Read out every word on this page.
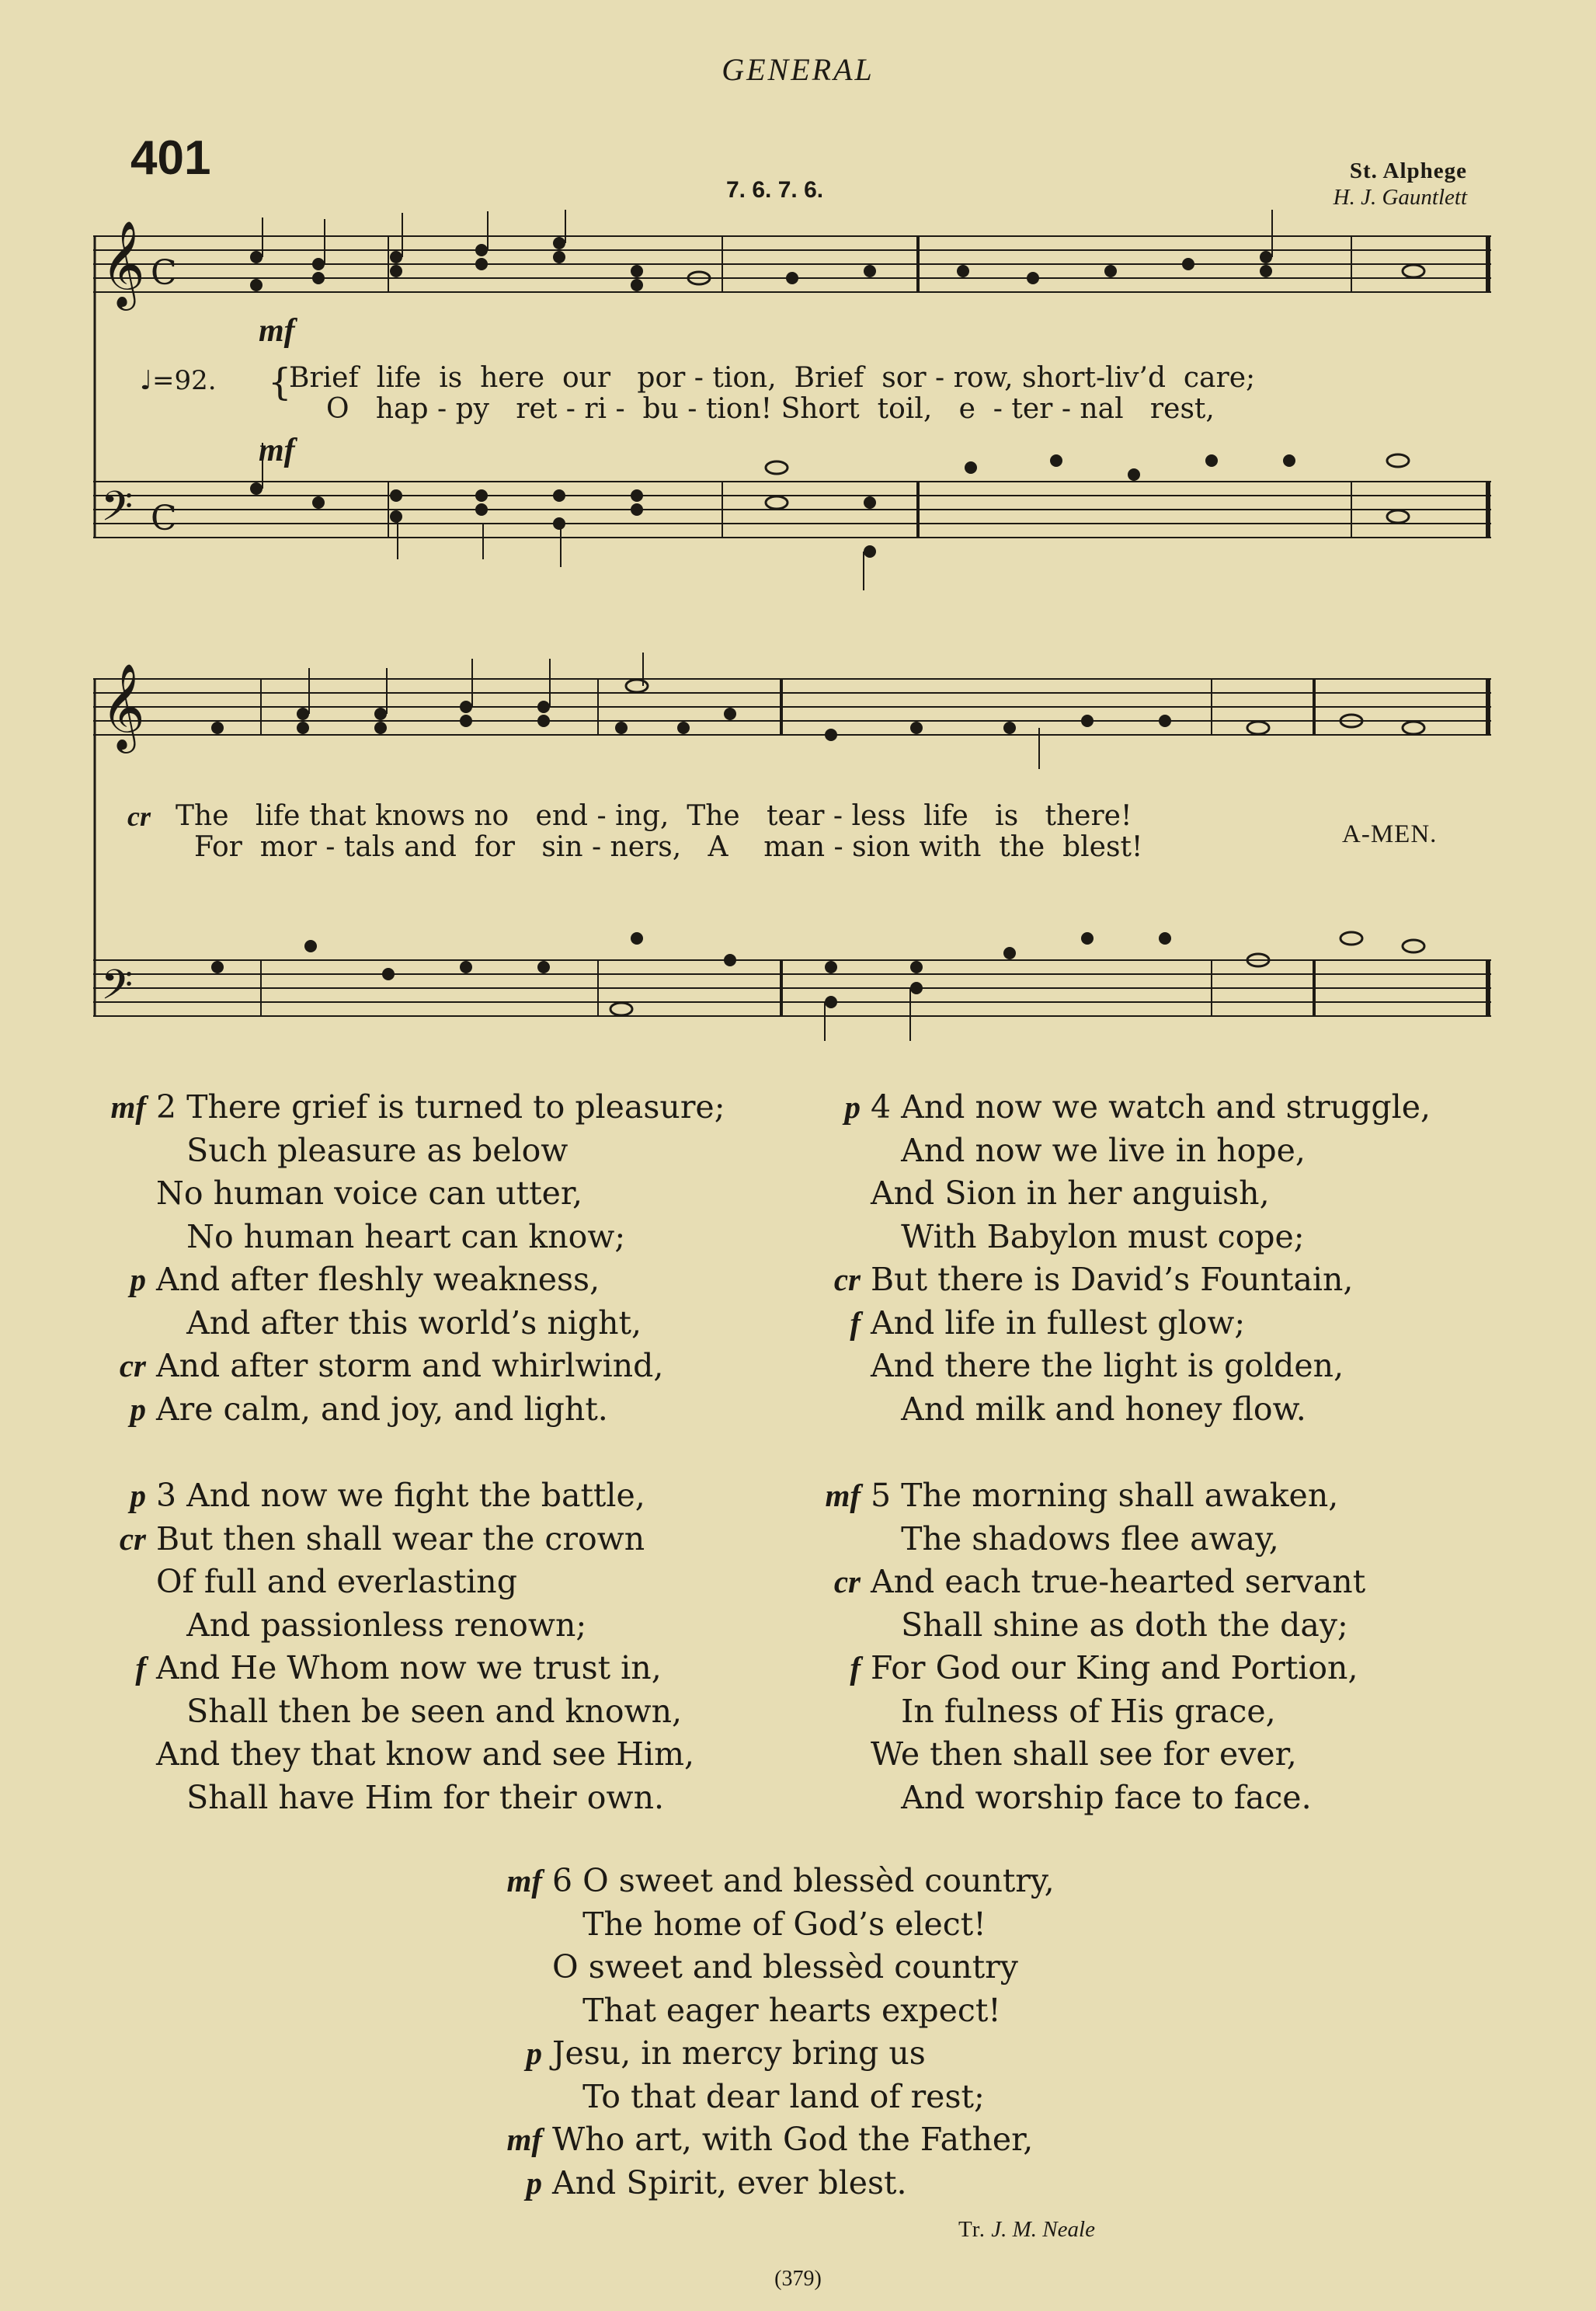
GENERAL
401
7. 6. 7. 6.
St. Alphege
H. J. Gauntlett
𝄞 C
𝄢 C
mf
♩=92. {
Brief  life  is  here  our   por - tion,  Brief  sor - row, short-liv’d  care;
O   hap - py   ret - ri -  bu - tion! Short  toil,   e  - ter - nal   rest,
mf
𝄞
𝄢
cr The   life that knows no   end - ing,  The   tear - less  life   is   there!
For  mor - tals and  for   sin - ners,   A    man - sion with  the  blest!	A-MEN.
mf 2 There grief is turned to pleasure;
Such pleasure as below
No human voice can utter,
No human heart can know;
p And after fleshly weakness,
And after this world’s night,
cr And after storm and whirlwind,
p Are calm, and joy, and light.
p 3 And now we fight the battle,
cr But then shall wear the crown
Of full and everlasting
And passionless renown;
f And He Whom now we trust in,
Shall then be seen and known,
And they that know and see Him,
Shall have Him for their own.
p 4 And now we watch and struggle,
And now we live in hope,
And Sion in her anguish,
With Babylon must cope;
cr But there is David’s Fountain,
f And life in fullest glow;
And there the light is golden,
And milk and honey flow.
mf 5 The morning shall awaken,
The shadows flee away,
cr And each true-hearted servant
Shall shine as doth the day;
f For God our King and Portion,
In fulness of His grace,
We then shall see for ever,
And worship face to face.
mf 6 O sweet and blessèd country,
The home of God’s elect!
O sweet and blessèd country
That eager hearts expect!
p Jesu, in mercy bring us
To that dear land of rest;
mf Who art, with God the Father,
p And Spirit, ever blest.
Tr. J. M. Neale
(379)
